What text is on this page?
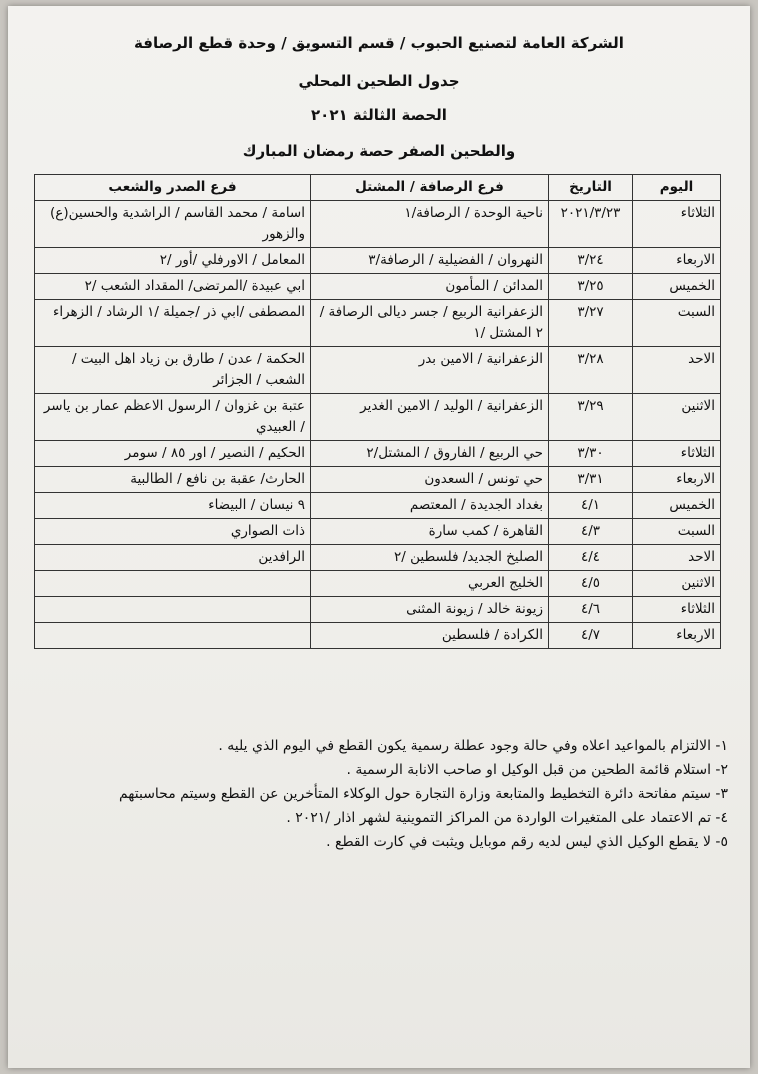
الشركة العامة لتصنيع الحبوب / قسم التسويق / وحدة قطع الرصافة
جدول الطحين المحلي
الحصة الثالثة ٢٠٢١
والطحين الصفر حصة رمضان المبارك
اليوم	التاريخ	فرع الرصافة / المشتل	فرع الصدر والشعب
الثلاثاء	٢٠٢١/٣/٢٣	ناحية الوحدة / الرصافة/١	اسامة / محمد القاسم / الراشدية والحسين(ع) والزهور
الاربعاء	٣/٢٤	النهروان / الفضيلية / الرصافة/٣	المعامل / الاورفلي /أور /٢
الخميس	٣/٢٥	المدائن / المأمون	ابي عبيدة /المرتضى/ المقداد الشعب /٢
السبت	٣/٢٧	الزعفرانية الربيع / جسر ديالى الرصافة /٢ المشتل /١	المصطفى /ابي ذر /جميلة /١ الرشاد / الزهراء
الاحد	٣/٢٨	الزعفرانية / الامين بدر	الحكمة / عدن / طارق بن زياد اهل البيت / الشعب / الجزائر
الاثنين	٣/٢٩	الزعفرانية / الوليد / الامين الغدير	عتبة بن غزوان / الرسول الاعظم عمار بن ياسر / العبيدي
الثلاثاء	٣/٣٠	حي الربيع / الفاروق / المشتل/٢	الحكيم / النصير / اور ٨٥ / سومر
الاربعاء	٣/٣١	حي تونس / السعدون	الحارث/ عقبة بن نافع / الطالبية
الخميس	٤/١	بغداد الجديدة / المعتصم	٩ نيسان / البيضاء
السبت	٤/٣	القاهرة / كمب سارة	ذات الصواري
الاحد	٤/٤	الصليخ الجديد/ فلسطين /٢	الرافدين
الاثنين	٤/٥	الخليج العربي	
الثلاثاء	٤/٦	زيونة خالد / زيونة المثنى	
الاربعاء	٤/٧	الكرادة / فلسطين	

١- الالتزام بالمواعيد اعلاه وفي حالة وجود عطلة رسمية يكون القطع في اليوم الذي يليه .

٢- استلام قائمة الطحين من قبل الوكيل او صاحب الانابة الرسمية .

٣- سيتم مفاتحة دائرة التخطيط والمتابعة وزارة التجارة حول الوكلاء المتأخرين عن القطع وسيتم محاسبتهم

٤- تم الاعتماد على المتغيرات الواردة من المراكز التموينية لشهر اذار /٢٠٢١ .

٥- لا يقطع الوكيل الذي ليس لديه رقم موبايل ويثبت في كارت القطع .
